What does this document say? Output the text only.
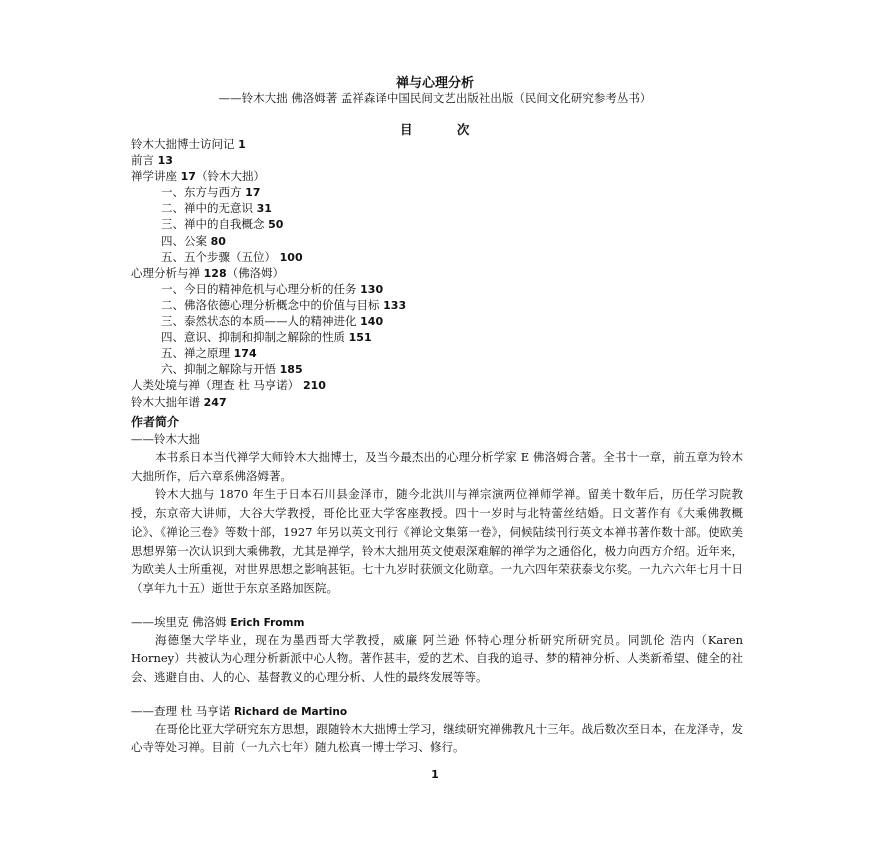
禅与心理分析
——铃木大拙 佛洛姆著 孟祥森译中国民间文艺出版社出版（民间文化研究参考丛书）
目 次
铃木大拙博士访问记 1
前言 13
禅学讲座 17（铃木大拙）
一、东方与西方 17
二、禅中的无意识 31
三、禅中的自我概念 50
四、公案 80
五、五个步骤（五位） 100
心理分析与禅 128（佛洛姆）
一、今日的精神危机与心理分析的任务 130
二、佛洛依德心理分析概念中的价值与目标 133
三、泰然状态的本质——人的精神进化 140
四、意识、抑制和抑制之解除的性质 151
五、禅之原理 174
六、抑制之解除与开悟 185
人类处境与禅（理查 杜 马亨诺） 210
铃木大拙年谱 247
作者简介
——铃木大拙

本书系日本当代禅学大师铃木大拙博士，及当今最杰出的心理分析学家 E 佛洛姆合著。全书十一章，前五章为铃木大拙所作，后六章系佛洛姆著。

铃木大拙与 1870 年生于日本石川县金泽市，随今北洪川与禅宗演两位禅师学禅。留美十数年后，历任学习院教授，东京帝大讲师，大谷大学教授，哥伦比亚大学客座教授。四十一岁时与北特蕾丝结婚。日文著作有《大乘佛教概论》、《禅论三卷》等数十部，1927 年另以英文刊行《禅论文集第一卷》，伺候陆续刊行英文本禅书著作数十部。使欧美思想界第一次认识到大乘佛教，尤其是禅学，铃木大拙用英文使艰深难解的禅学为之通俗化，极力向西方介绍。近年来，为欧美人士所重视，对世界思想之影响甚钜。七十九岁时获颁文化勋章。一九六四年荣获泰戈尔奖。一九六六年七月十日（享年九十五）逝世于东京圣路加医院。

——埃里克 佛洛姆 Erich Fromm

海德堡大学毕业，现在为墨西哥大学教授，威廉 阿兰逊 怀特心理分析研究所研究员。同凯伦 浩内（Karen Horney）共被认为心理分析新派中心人物。著作甚丰，爱的艺术、自我的追寻、梦的精神分析、人类新希望、健全的社会、逃避自由、人的心、基督教义的心理分析、人性的最终发展等等。

——查理 杜 马亨诺 Richard de Martino

在哥伦比亚大学研究东方思想，跟随铃木大拙博士学习，继续研究禅佛教凡十三年。战后数次至日本，在龙泽寺，发心寺等处习禅。目前（一九六七年）随九松真一博士学习、修行。

1
